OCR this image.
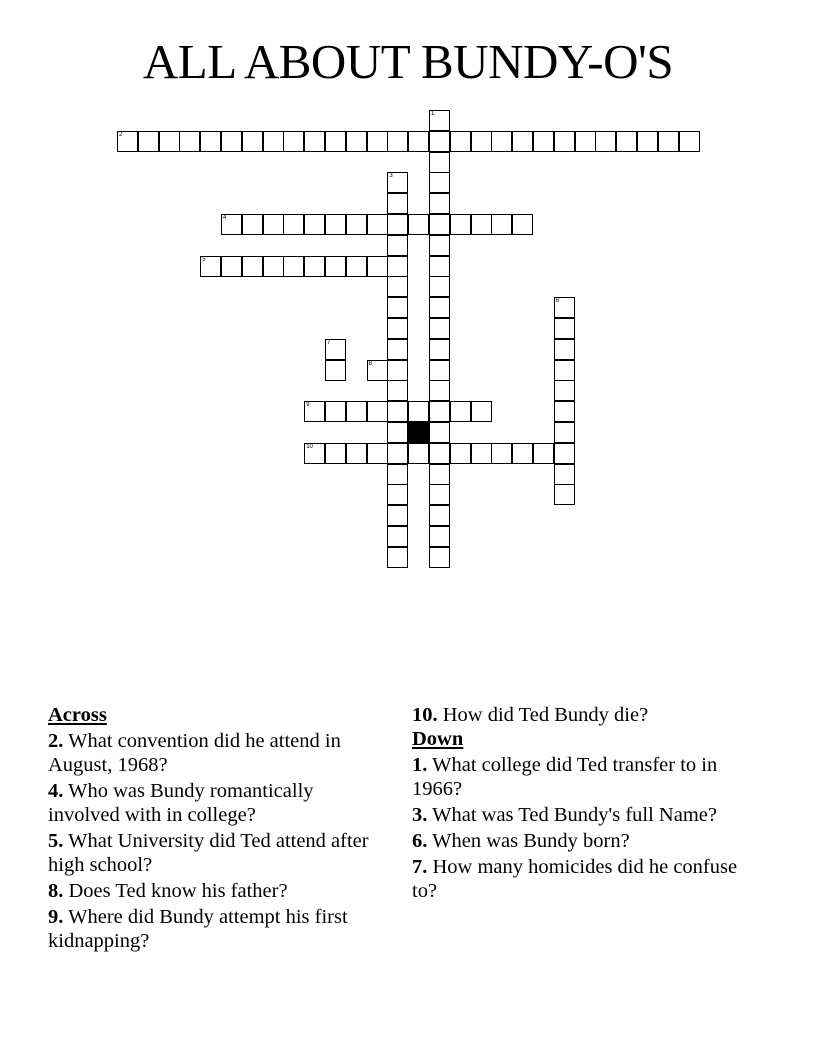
ALL ABOUT BUNDY-O'S
1
2
3
4
5
6
7
8
9
10
Across
2. What convention did he attend in August, 1968?
4. Who was Bundy romantically involved with in college?
5. What University did Ted attend after high school?
8. Does Ted know his father?
9. Where did Bundy attempt his first kidnapping?
10. How did Ted Bundy die?
Down
1. What college did Ted transfer to in 1966?
3. What was Ted Bundy's full Name?
6. When was Bundy born?
7. How many homicides did he confuse to?
